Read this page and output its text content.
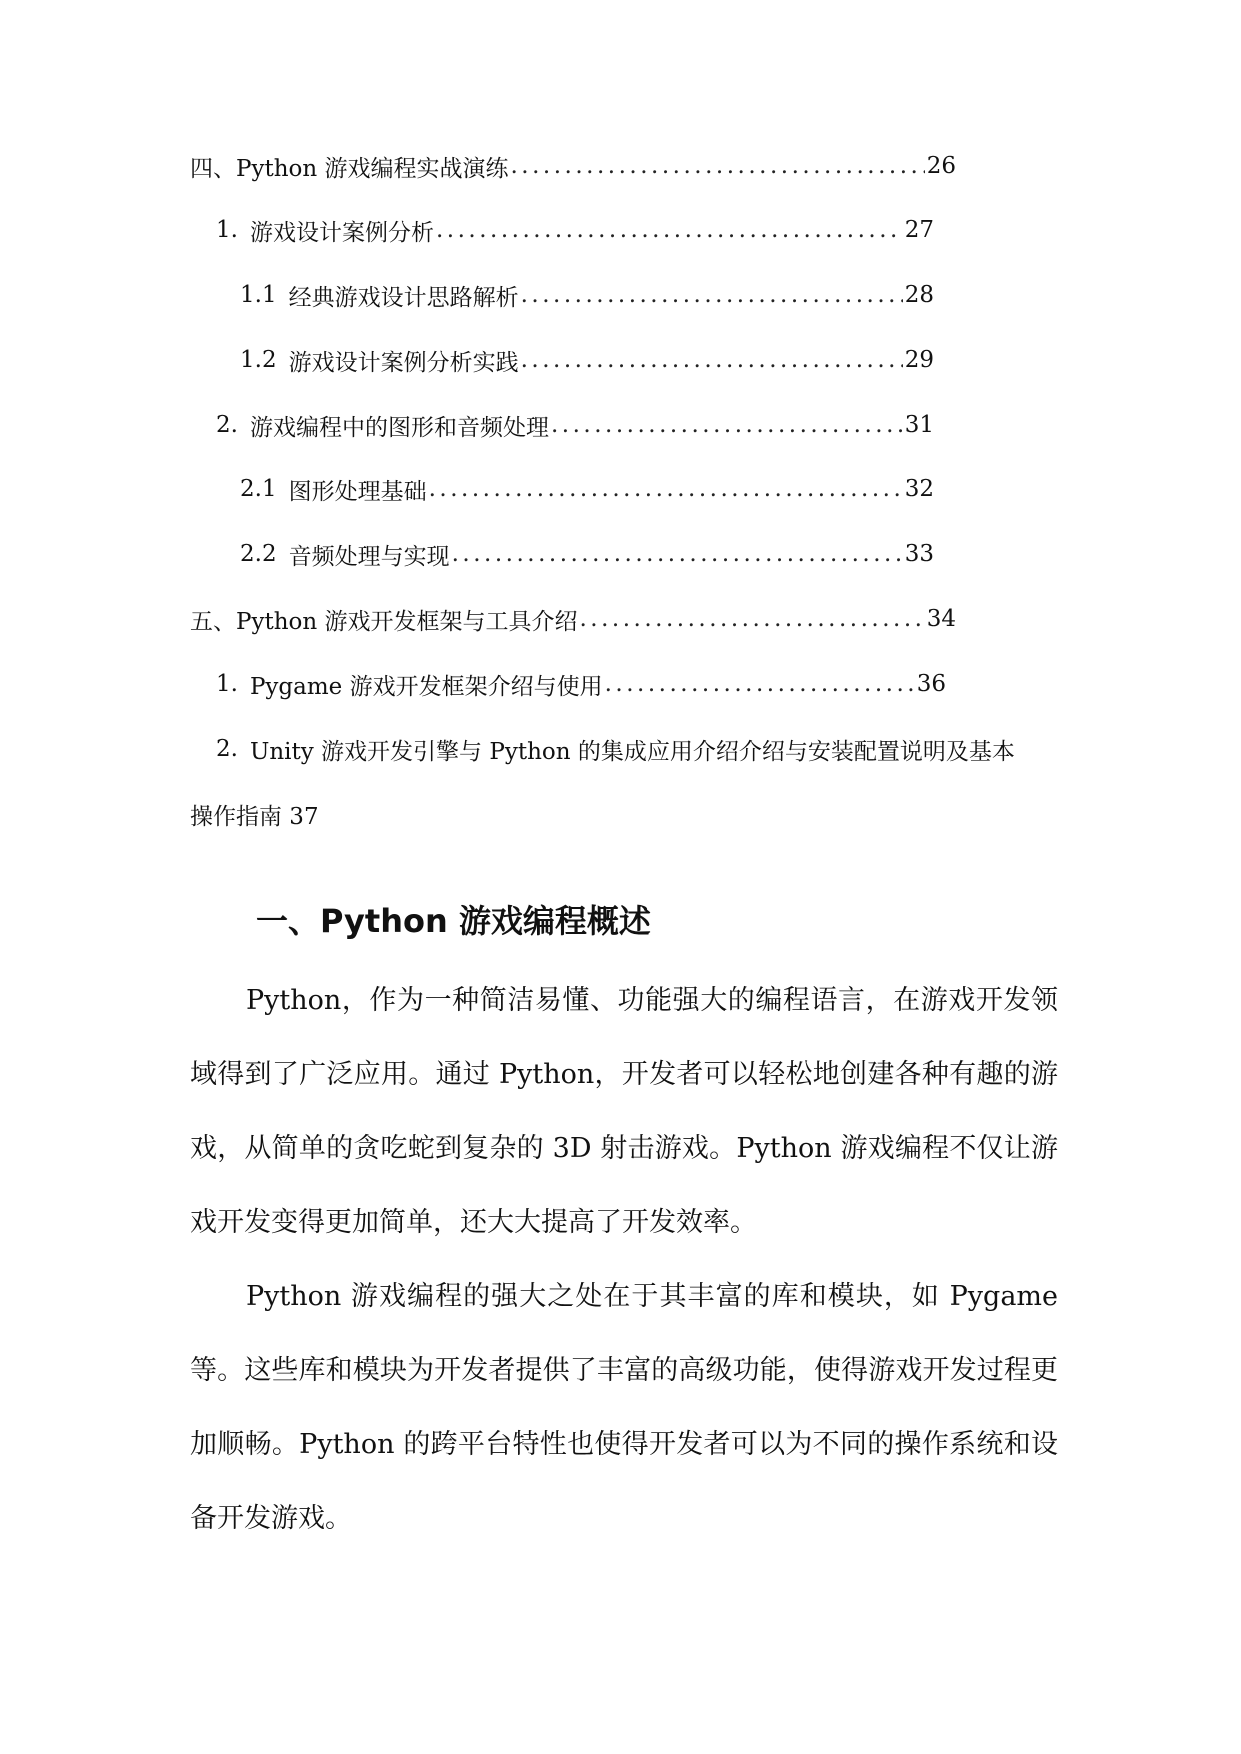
四、Python 游戏编程实战演练 .....	26
1. 游戏设计案例分析 .....	27
1.1 经典游戏设计思路解析 .....	28
1.2 游戏设计案例分析实践 .....	29
2. 游戏编程中的图形和音频处理 .....	31
2.1 图形处理基础 .....	32
2.2 音频处理与实现 .....	33
五、Python 游戏开发框架与工具介绍 .....	34
1. Pygame 游戏开发框架介绍与使用 .....	36
2. Unity 游戏开发引擎与 Python 的集成应用介绍介绍与安装配置说明及基本
操作指南 37
一、Python 游戏编程概述

Python，作为一种简洁易懂、功能强大的编程语言，在游戏开发领域得到了广泛应用。通过 Python，开发者可以轻松地创建各种有趣的游戏，从简单的贪吃蛇到复杂的 3D 射击游戏。Python 游戏编程不仅让游戏开发变得更加简单，还大大提高了开发效率。

Python 游戏编程的强大之处在于其丰富的库和模块，如 Pygame 等。这些库和模块为开发者提供了丰富的高级功能，使得游戏开发过程更加顺畅。Python 的跨平台特性也使得开发者可以为不同的操作系统和设备开发游戏。
